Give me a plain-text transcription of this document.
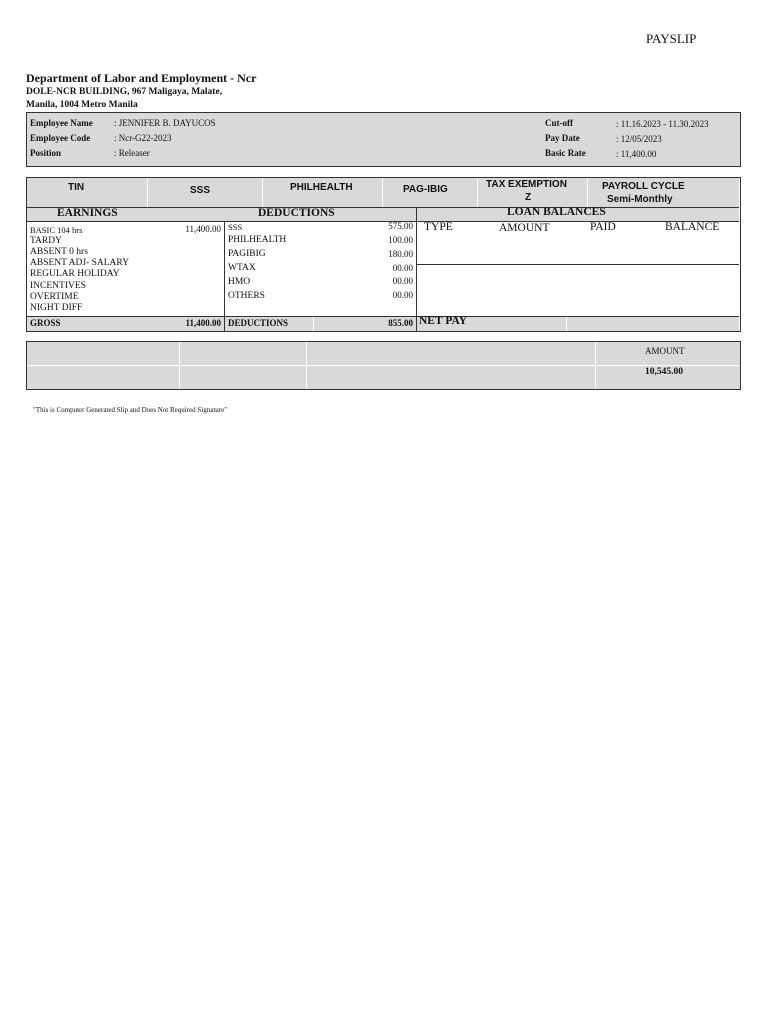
PAYSLIP
Department of Labor and Employment - Ncr
DOLE-NCR BUILDING, 967 Maligaya, Malate,
Manila, 1004 Metro Manila
Employee Name : JENNIFER B. DAYUCOS
Employee Code	: Ncr-G22-2023
Position	: Releaser
Cut-off	: 11.16.2023 - 11.30.2023
Pay Date	: 12/05/2023
Basic Rate	: 11,400.00
TIN	SSS	PHILHEALTH	PAG-IBIG	TAX EXEMPTION
Z
PAYROLL CYCLE
Semi-Monthly
EARNINGS	DEDUCTIONS	LOAN BALANCES
BASIC 104 hrs	11,400.00
TARDY
ABSENT 0 hrs
ABSENT ADJ- SALARY
REGULAR HOLIDAY
INCENTIVES
OVERTIME
NIGHT DIFF
SSS	575.00
PHILHEALTH	100.00
PAGIBIG	180.00
WTAX	00.00
HMO	00.00
OTHERS	00.00
TYPE	AMOUNT	PAID	BALANCE
GROSS	11,400.00 DEDUCTIONS	855.00 NET PAY
AMOUNT
10,545.00
"This is Computer Generated Slip and Does Not Required Signature"
